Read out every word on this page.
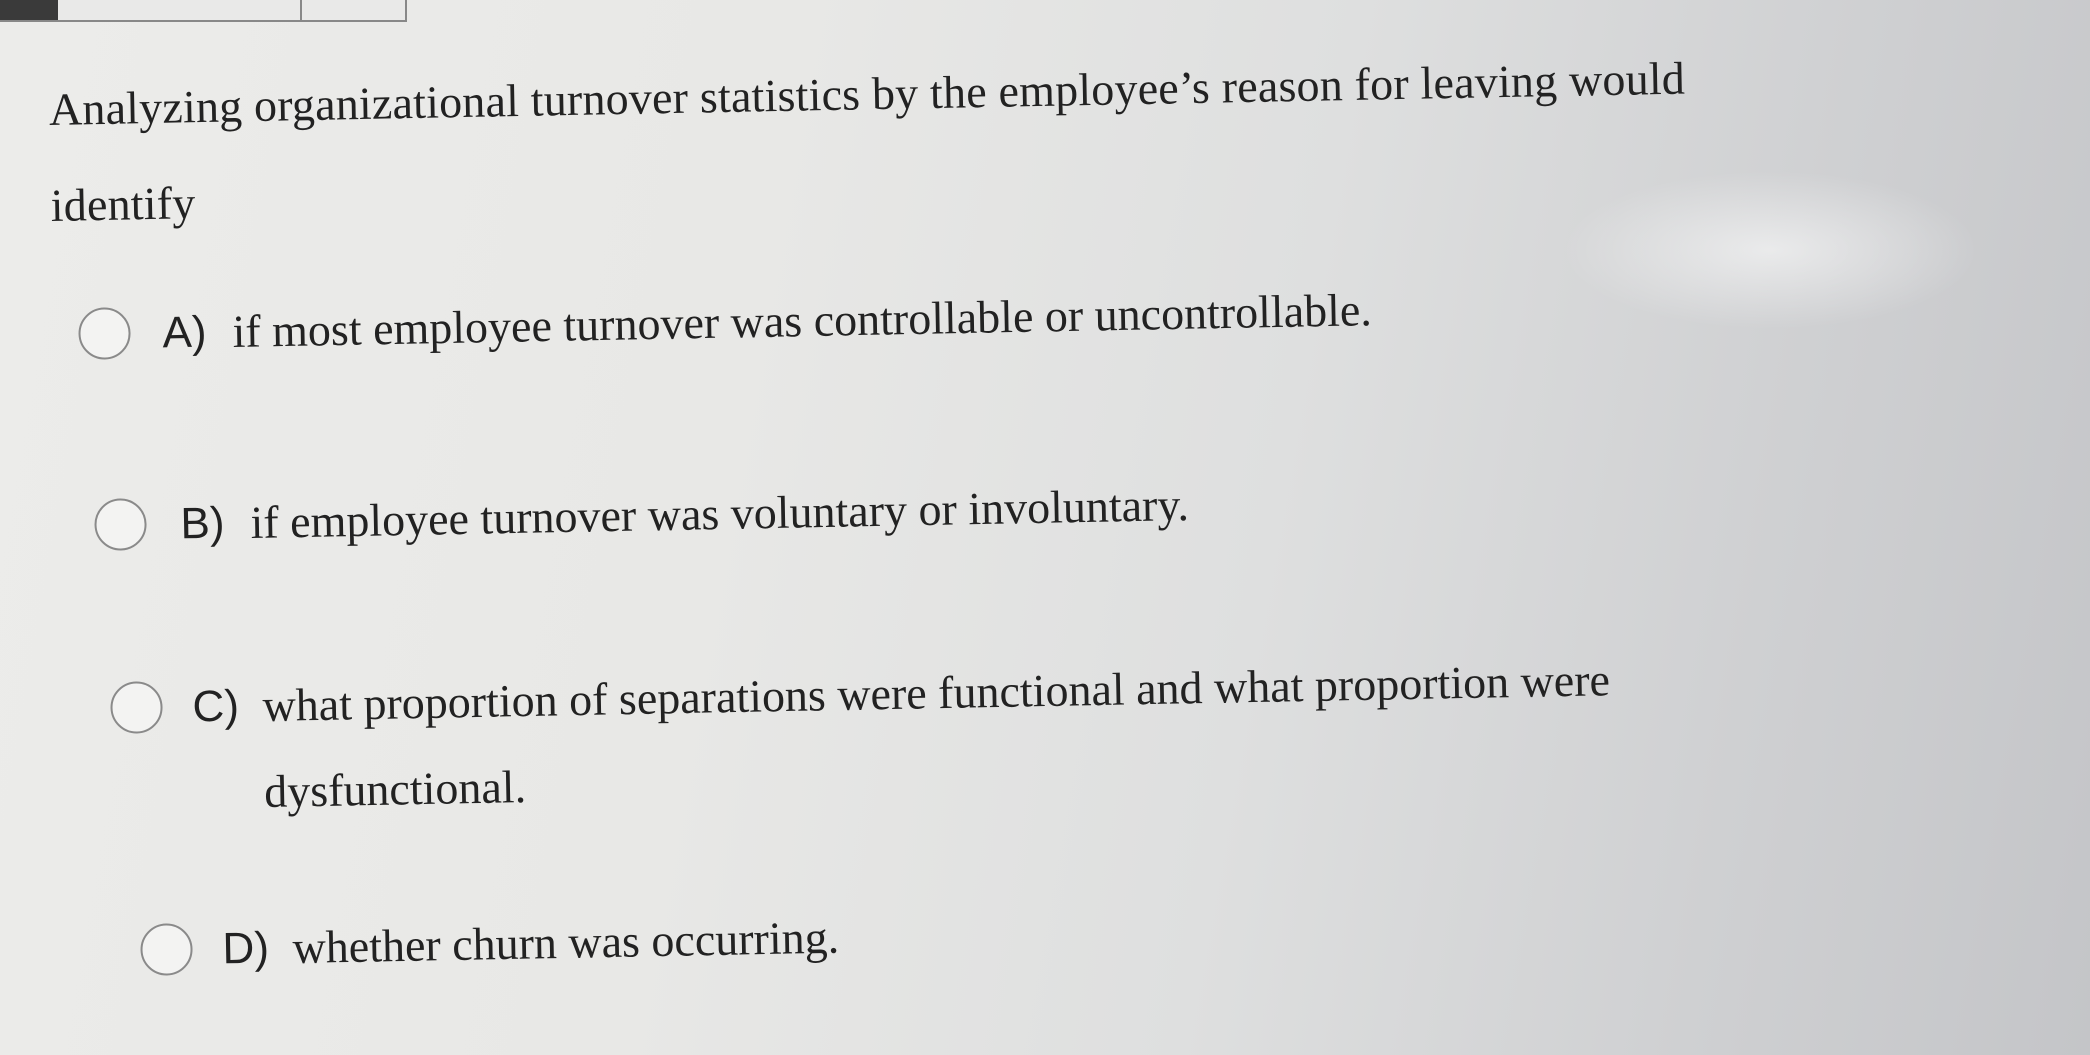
Analyzing organizational turnover statistics by the employee’s reason for leaving would identify
A) if most employee turnover was controllable or uncontrollable.
B) if employee turnover was voluntary or involuntary.
C) what proportion of separations were functional and what proportion were dysfunctional.
D) whether churn was occurring.
